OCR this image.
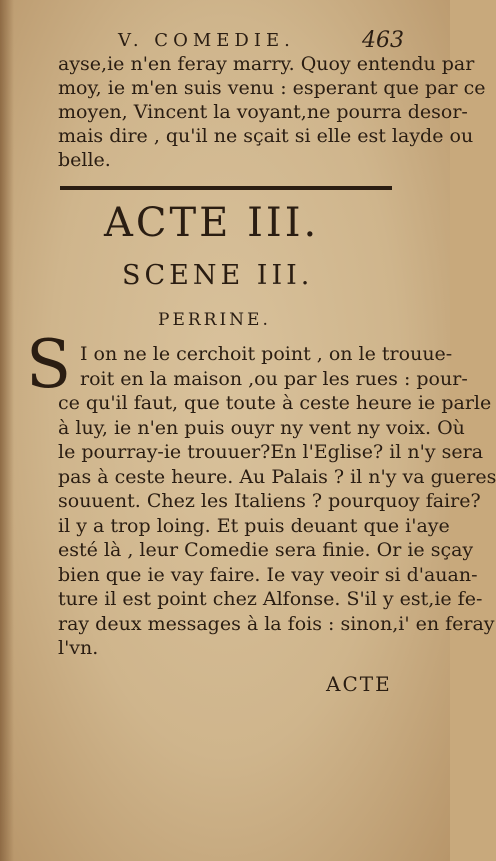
V. COMEDIE.	463
ayse,ie n'en feray marry. Quoy entendu par
moy, ie m'en suis venu : esperant que par ce
moyen, Vincent la voyant,ne pourra desor-
mais dire , qu'il ne sçait si elle est layde ou
belle.
ACTE III.
SCENE III.
PERRINE.
S I on ne le cerchoit point , on le trouue-
roit en la maison ,ou par les rues : pour-
ce qu'il faut, que toute à ceste heure ie parle
à luy, ie n'en puis ouyr ny vent ny voix. Où
le pourray-ie trouuer?En l'Eglise? il n'y sera
pas à ceste heure. Au Palais ? il n'y va gueres
souuent. Chez les Italiens ? pourquoy faire?
il y a trop loing. Et puis deuant que i'aye
esté là , leur Comedie sera finie. Or ie sçay
bien que ie vay faire. Ie vay veoir si d'auan-
ture il est point chez Alfonse. S'il y est,ie fe-
ray deux messages à la fois : sinon,i' en feray
l'vn.
ACTE
